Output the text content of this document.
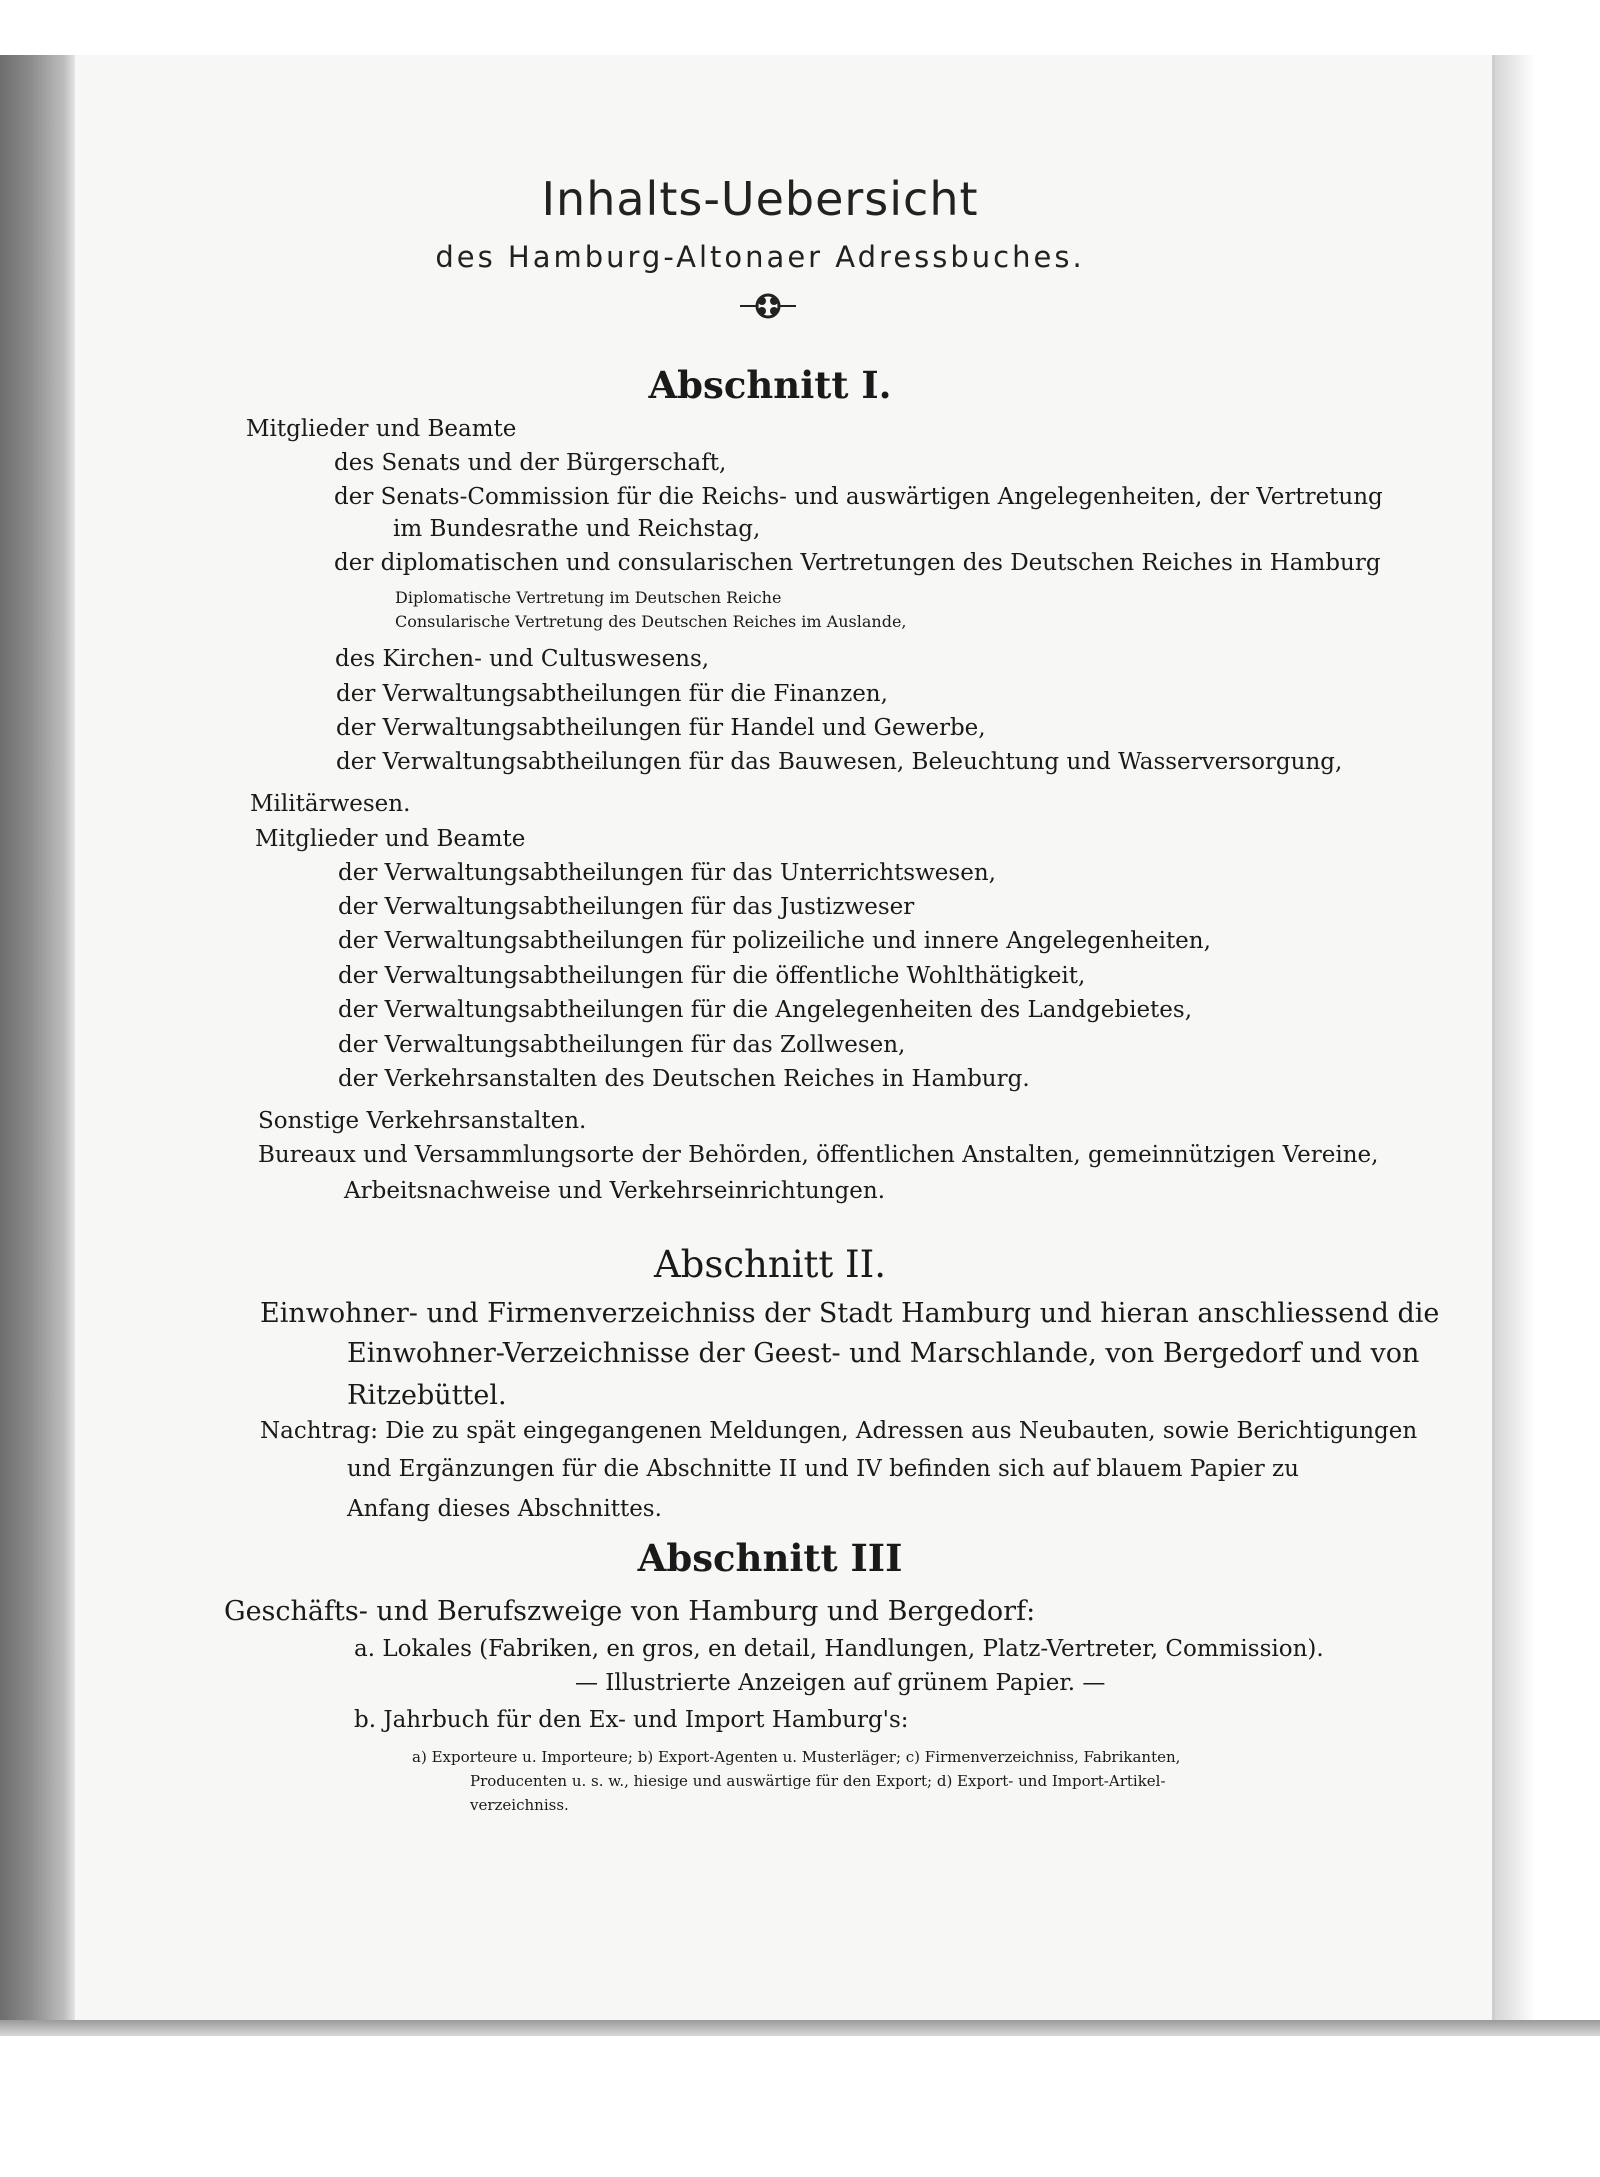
Inhalts-Uebersicht
des Hamburg-Altonaer Adressbuches.
Abschnitt I.
Mitglieder und Beamte
des Senats und der Bürgerschaft,
der Senats-Commission für die Reichs- und auswärtigen Angelegenheiten, der Vertretung
im Bundesrathe und Reichstag,
der diplomatischen und consularischen Vertretungen des Deutschen Reiches in Hamburg
Diplomatische Vertretung im Deutschen Reiche
Consularische Vertretung des Deutschen Reiches im Auslande,
des Kirchen- und Cultuswesens,
der Verwaltungsabtheilungen für die Finanzen,
der Verwaltungsabtheilungen für Handel und Gewerbe,
der Verwaltungsabtheilungen für das Bauwesen, Beleuchtung und Wasserversorgung,
Militärwesen.
Mitglieder und Beamte
der Verwaltungsabtheilungen für das Unterrichtswesen,
der Verwaltungsabtheilungen für das Justizweser
der Verwaltungsabtheilungen für polizeiliche und innere Angelegenheiten,
der Verwaltungsabtheilungen für die öffentliche Wohlthätigkeit,
der Verwaltungsabtheilungen für die Angelegenheiten des Landgebietes,
der Verwaltungsabtheilungen für das Zollwesen,
der Verkehrsanstalten des Deutschen Reiches in Hamburg.
Sonstige Verkehrsanstalten.
Bureaux und Versammlungsorte der Behörden, öffentlichen Anstalten, gemeinnützigen Vereine,
Arbeitsnachweise und Verkehrseinrichtungen.
Abschnitt II.
Einwohner- und Firmenverzeichniss der Stadt Hamburg und hieran anschliessend die
Einwohner-Verzeichnisse der Geest- und Marschlande, von Bergedorf und von
Ritzebüttel.
Nachtrag: Die zu spät eingegangenen Meldungen, Adressen aus Neubauten, sowie Berichtigungen
und Ergänzungen für die Abschnitte II und IV befinden sich auf blauem Papier zu
Anfang dieses Abschnittes.
Abschnitt III
Geschäfts- und Berufszweige von Hamburg und Bergedorf:
a. Lokales (Fabriken, en gros, en detail, Handlungen, Platz-Vertreter, Commission).
— Illustrierte Anzeigen auf grünem Papier. —
b. Jahrbuch für den Ex- und Import Hamburg's:
a) Exporteure u. Importeure; b) Export-Agenten u. Musterläger; c) Firmenverzeichniss, Fabrikanten,
Producenten u. s. w., hiesige und auswärtige für den Export; d) Export- und Import-Artikel-
verzeichniss.
